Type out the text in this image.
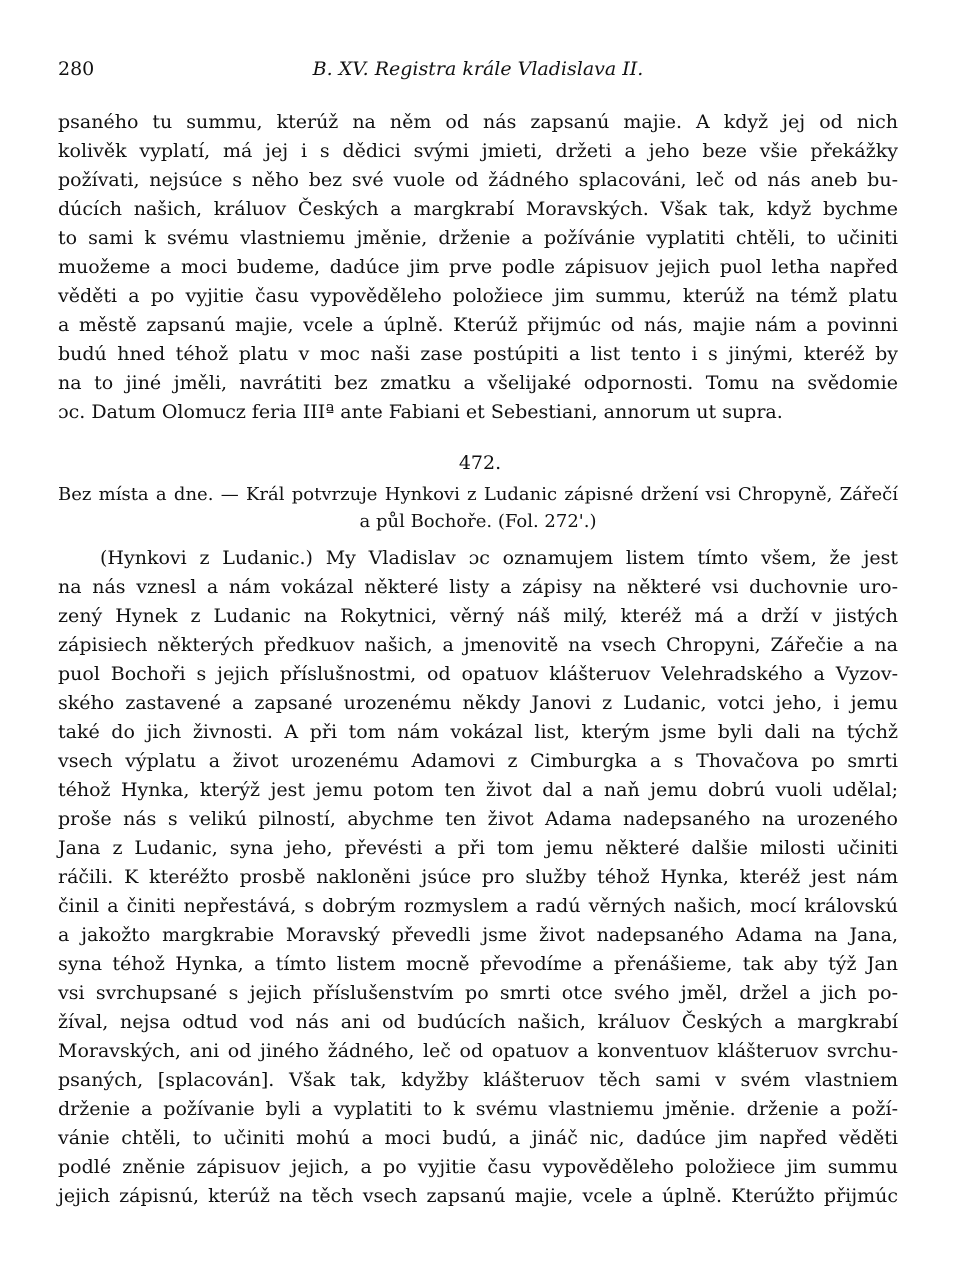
280	B. XV. Registra krále Vladislava II.
psaného tu summu, kterúž na něm od nás zapsanú majie. A když jej od nich
kolivěk vyplatí, má jej i s dědici svými jmieti, držeti a jeho beze všie překážky
požívati, nejsúce s něho bez své vuole od žádného splacováni, leč od nás aneb bu-
dúcích našich, králuov Českých a margkrabí Moravských. Však tak, když bychme
to sami k svému vlastniemu jměnie, drženie a požívánie vyplatiti chtěli, to učiniti
muožeme a moci budeme, dadúce jim prve podle zápisuov jejich puol letha napřed
věděti a po vyjitie času vypověděleho položiece jim summu, kterúž na témž platu
a městě zapsanú majie, vcele a úplně. Kterúž přijmúc od nás, majie nám a povinni
budú hned téhož platu v moc naši zase postúpiti a list tento i s jinými, kteréž by
na to jiné jměli, navrátiti bez zmatku a všelijaké odpornosti. Tomu na svědomie
ɔc. Datum Olomucz feria IIIª ante Fabiani et Sebestiani, annorum ut supra.
472.
Bez místa a dne. — Král potvrzuje Hynkovi z Ludanic zápisné držení vsi Chropyně, Zářečí
a půl Bochoře. (Fol. 272'.)
(Hynkovi z Ludanic.) My Vladislav ɔc oznamujem listem tímto všem, že jest
na nás vznesl a nám vokázal některé listy a zápisy na některé vsi duchovnie uro-
zený Hynek z Ludanic na Rokytnici, věrný náš milý, kteréž má a drží v jistých
zápisiech některých předkuov našich, a jmenovitě na vsech Chropyni, Zářečie a na
puol Bochoři s jejich příslušnostmi, od opatuov klášteruov Velehradského a Vyzov-
ského zastavené a zapsané urozenému někdy Janovi z Ludanic, votci jeho, i jemu
také do jich živnosti. A při tom nám vokázal list, kterým jsme byli dali na týchž
vsech výplatu a život urozenému Adamovi z Cimburgka a s Thovačova po smrti
téhož Hynka, kterýž jest jemu potom ten život dal a naň jemu dobrú vuoli udělal;
proše nás s velikú pilností, abychme ten život Adama nadepsaného na urozeného
Jana z Ludanic, syna jeho, převésti a při tom jemu některé dalšie milosti učiniti
ráčili. K kteréžto prosbě nakloněni jsúce pro služby téhož Hynka, kteréž jest nám
činil a činiti nepřestává, s dobrým rozmyslem a radú věrných našich, mocí královskú
a jakožto margkrabie Moravský převedli jsme život nadepsaného Adama na Jana,
syna téhož Hynka, a tímto listem mocně převodíme a přenášieme, tak aby týž Jan
vsi svrchupsané s jejich příslušenstvím po smrti otce svého jměl, držel a jich po-
žíval, nejsa odtud vod nás ani od budúcích našich, králuov Českých a margkrabí
Moravských, ani od jiného žádného, leč od opatuov a konventuov klášteruov svrchu-
psaných, [splacován]. Však tak, kdyžby klášteruov těch sami v svém vlastniem
drženie a požívanie byli a vyplatiti to k svému vlastniemu jměnie. drženie a poží-
vánie chtěli, to učiniti mohú a moci budú, a jináč nic, dadúce jim napřed věděti
podlé zněnie zápisuov jejich, a po vyjitie času vypověděleho položiece jim summu
jejich zápisnú, kterúž na těch vsech zapsanú majie, vcele a úplně. Kterúžto přijmúc
